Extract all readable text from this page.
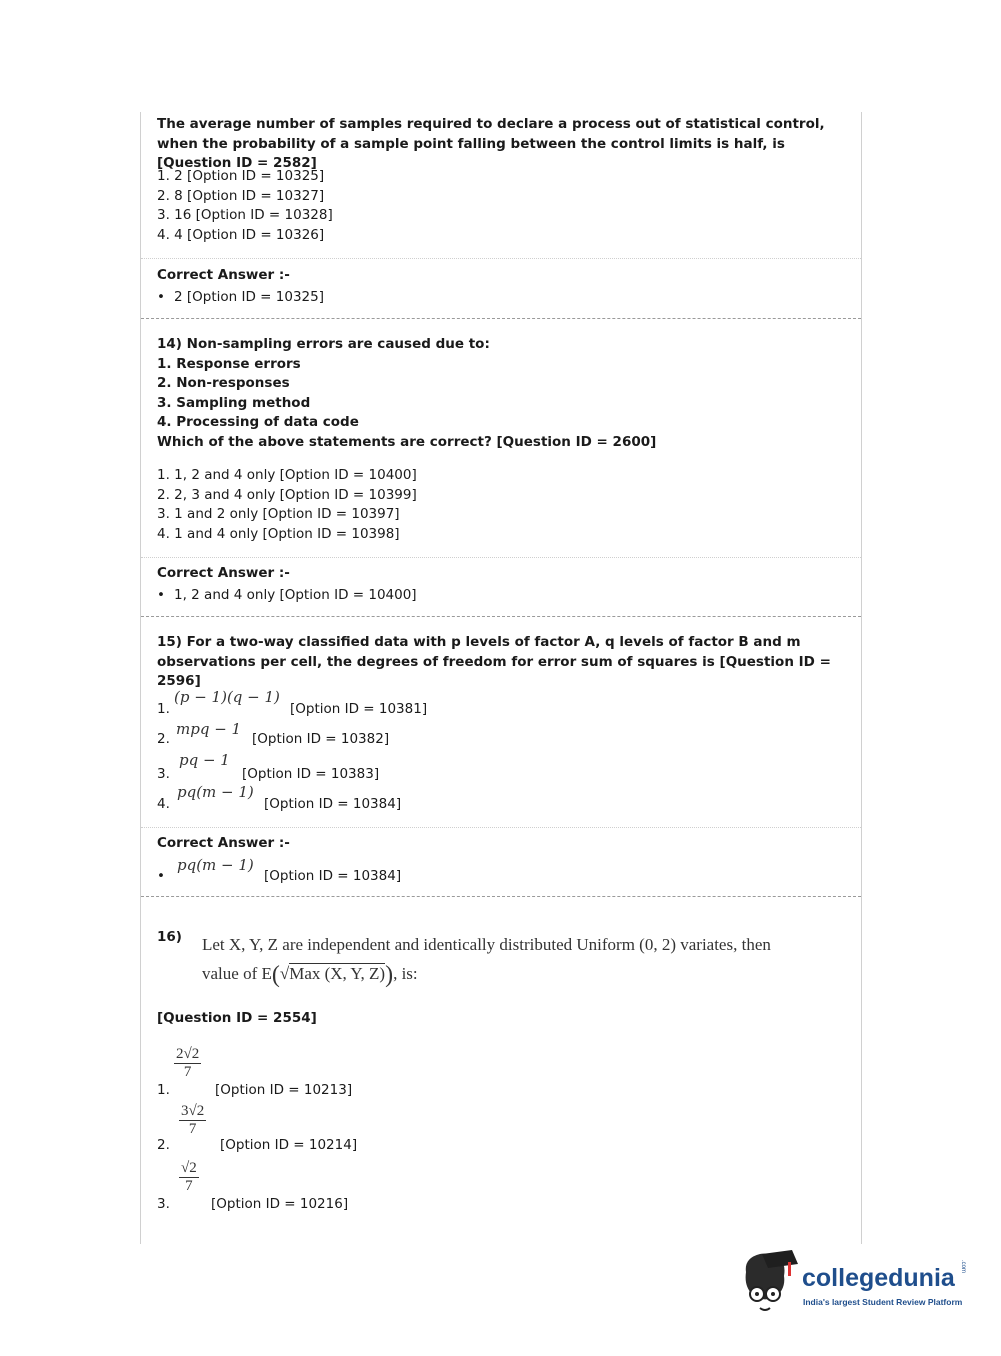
The average number of samples required to declare a process out of statistical control, when the probability of a sample point falling between the control limits is half, is [Question ID = 2582]
1. 2 [Option ID = 10325]
2. 8 [Option ID = 10327]
3. 16 [Option ID = 10328]
4. 4 [Option ID = 10326]
Correct Answer :-
• 2 [Option ID = 10325]
14) Non-sampling errors are caused due to:
1. Response errors
2. Non-responses
3. Sampling method
4. Processing of data code
Which of the above statements are correct? [Question ID = 2600]
1. 1, 2 and 4 only [Option ID = 10400]
2. 2, 3 and 4 only [Option ID = 10399]
3. 1 and 2 only [Option ID = 10397]
4. 1 and 4 only [Option ID = 10398]
Correct Answer :-
• 1, 2 and 4 only [Option ID = 10400]
15) For a two-way classified data with p levels of factor A, q levels of factor B and m observations per cell, the degrees of freedom for error sum of squares is [Question ID = 2596]
1.
(p − 1)(q − 1)
[Option ID = 10381]
2.
mpq − 1
[Option ID = 10382]
3.
pq − 1
[Option ID = 10383]
4.
pq(m − 1)
[Option ID = 10384]
Correct Answer :-
•
pq(m − 1)
[Option ID = 10384]
16) Let X, Y, Z are independent and identically distributed Uniform (0, 2) variates, then
value of E(√Max (X, Y, Z)), is:
[Question ID = 2554]
1.
$\frac{2√2}{7}$
[Option ID = 10213]
2.
$\frac{3√2}{7}$
[Option ID = 10214]
3.
$\frac{√2}{7}$
[Option ID = 10216]
collegedunia .com
India's largest Student Review Platform
